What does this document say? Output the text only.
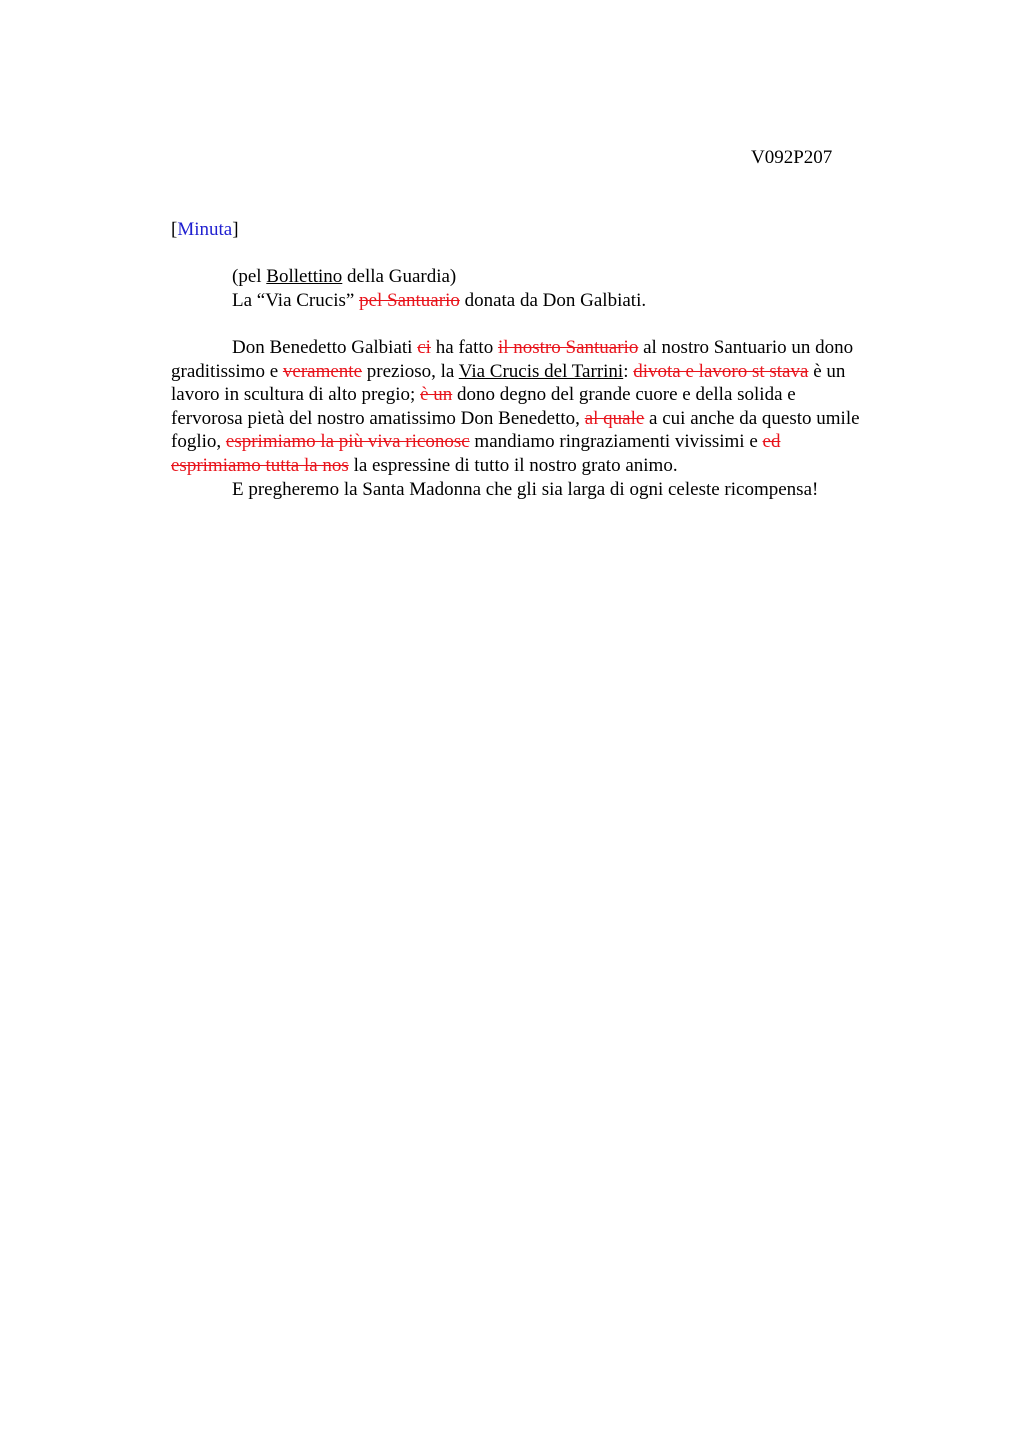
V092P207
[Minuta]
(pel Bollettino della Guardia)
La “Via Crucis” pel Santuario donata da Don Galbiati.
Don Benedetto Galbiati ci ha fatto il nostro Santuario al nostro Santuario un dono
graditissimo e veramente prezioso, la Via Crucis del Tarrini: divota e lavoro st stava è un
lavoro in scultura di alto pregio; è un dono degno del grande cuore e della solida e
fervorosa pietà del nostro amatissimo Don Benedetto, al quale a cui anche da questo umile
foglio, esprimiamo la più viva riconosc mandiamo ringraziamenti vivissimi e ed
esprimiamo tutta la nos la espressine di tutto il nostro grato animo.
E pregheremo la Santa Madonna che gli sia larga di ogni celeste ricompensa!
